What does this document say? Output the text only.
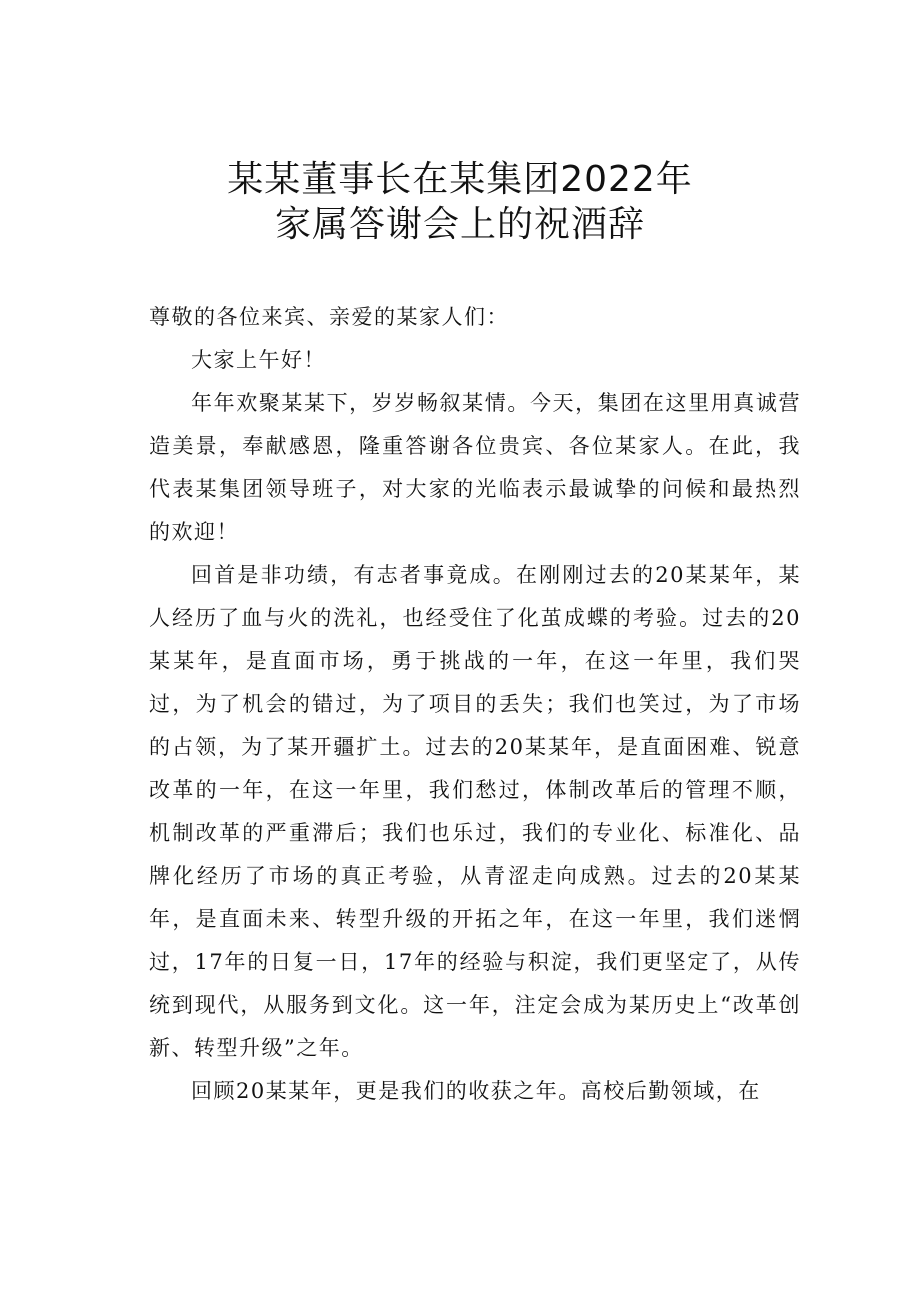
某某董事长在某集团2022年
家属答谢会上的祝酒辞

尊敬的各位来宾、亲爱的某家人们：

大家上午好！

年年欢聚某某下，岁岁畅叙某情。今天，集团在这里用真诚营造美景，奉献感恩，隆重答谢各位贵宾、各位某家人。在此，我代表某集团领导班子，对大家的光临表示最诚挚的问候和最热烈的欢迎！

回首是非功绩，有志者事竟成。在刚刚过去的20某某年，某人经历了血与火的洗礼，也经受住了化茧成蝶的考验。过去的20某某年，是直面市场，勇于挑战的一年，在这一年里，我们哭过，为了机会的错过，为了项目的丢失；我们也笑过，为了市场的占领，为了某开疆扩土。过去的20某某年，是直面困难、锐意改革的一年，在这一年里，我们愁过，体制改革后的管理不顺，机制改革的严重滞后；我们也乐过，我们的专业化、标准化、品牌化经历了市场的真正考验，从青涩走向成熟。过去的20某某年，是直面未来、转型升级的开拓之年，在这一年里，我们迷惘过，17年的日复一日，17年的经验与积淀，我们更坚定了，从传统到现代，从服务到文化。这一年，注定会成为某历史上“改革创新、转型升级”之年。

回顾20某某年，更是我们的收获之年。高校后勤领域，在
